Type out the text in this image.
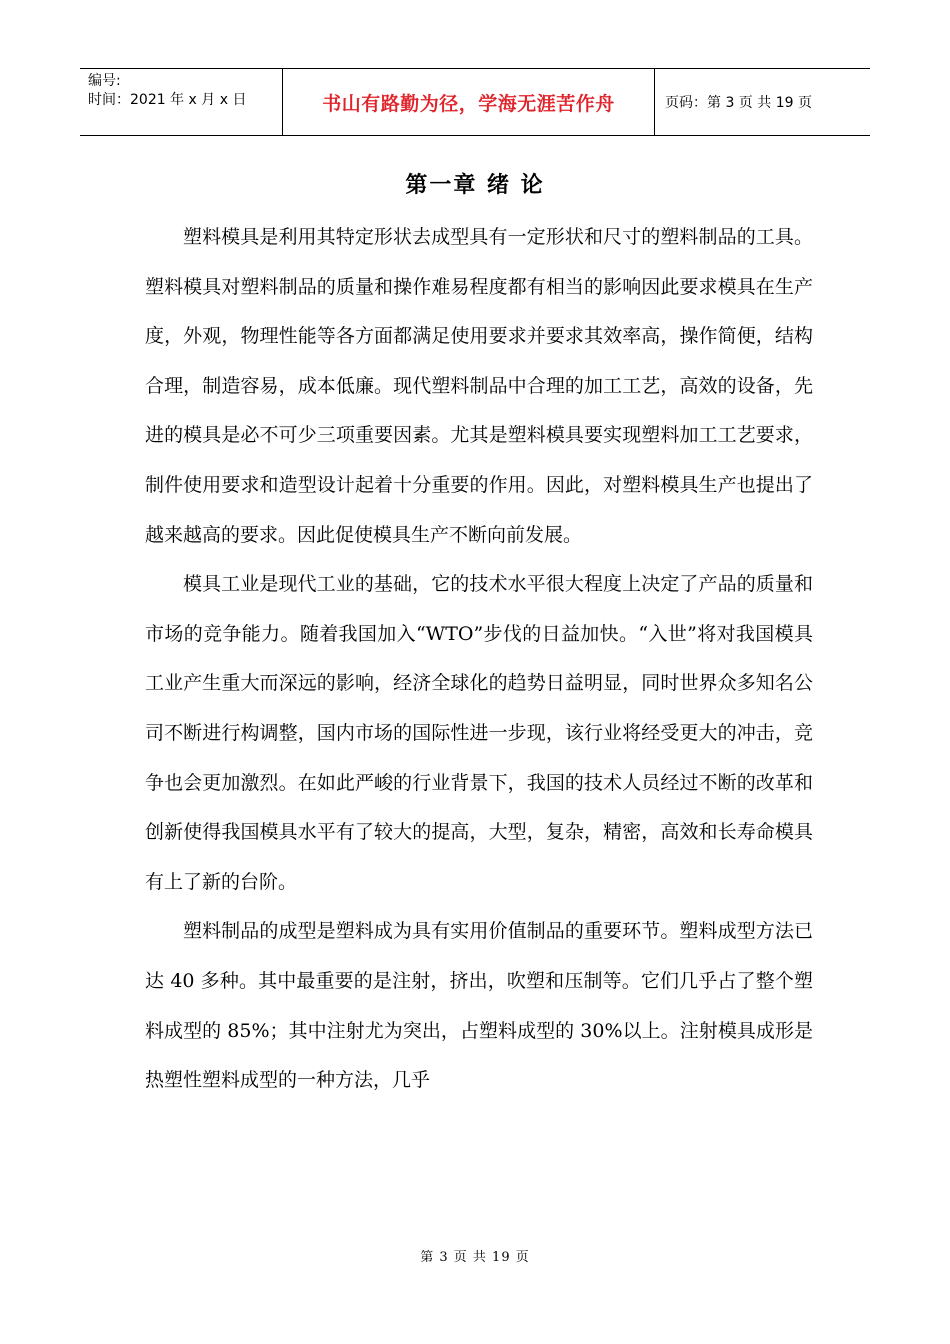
编号:
时间：2021 年 x 月 x 日	书山有路勤为径，学海无涯苦作舟	页码：第 3 页 共 19 页
第一章 绪 论

塑料模具是利用其特定形状去成型具有一定形状和尺寸的塑料制品的工具。塑料模具对塑料制品的质量和操作难易程度都有相当的影响因此要求模具在生产度，外观，物理性能等各方面都满足使用要求并要求其效率高，操作简便，结构合理，制造容易，成本低廉。现代塑料制品中合理的加工工艺，高效的设备，先进的模具是必不可少三项重要因素。尤其是塑料模具要实现塑料加工工艺要求，制件使用要求和造型设计起着十分重要的作用。因此，对塑料模具生产也提出了越来越高的要求。因此促使模具生产不断向前发展。

模具工业是现代工业的基础，它的技术水平很大程度上决定了产品的质量和市场的竞争能力。随着我国加入“WTO”步伐的日益加快。“入世”将对我国模具工业产生重大而深远的影响，经济全球化的趋势日益明显，同时世界众多知名公司不断进行构调整，国内市场的国际性进一步现，该行业将经受更大的冲击，竞争也会更加激烈。在如此严峻的行业背景下，我国的技术人员经过不断的改革和创新使得我国模具水平有了较大的提高，大型，复杂，精密，高效和长寿命模具有上了新的台阶。

塑料制品的成型是塑料成为具有实用价值制品的重要环节。塑料成型方法已达 40 多种。其中最重要的是注射，挤出，吹塑和压制等。它们几乎占了整个塑料成型的 85%；其中注射尤为突出，占塑料成型的 30%以上。注射模具成形是热塑性塑料成型的一种方法，几乎

第 3 页 共 19 页
